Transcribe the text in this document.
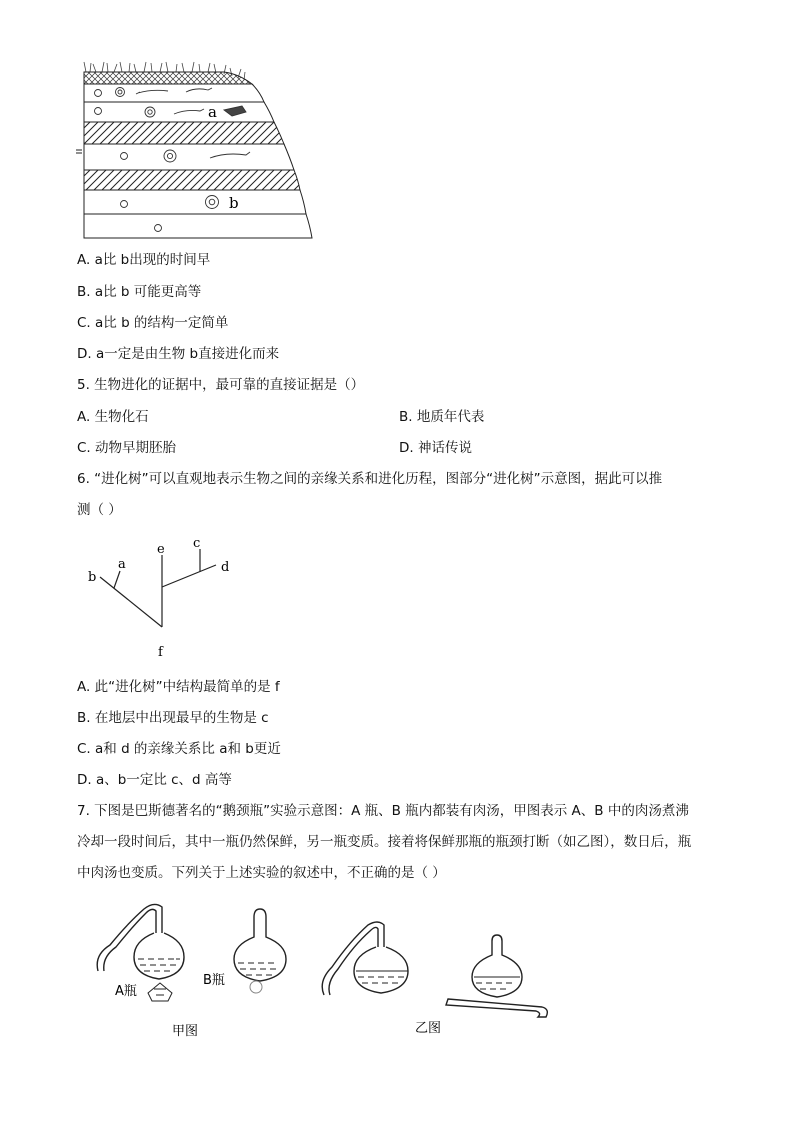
a
b
A. a比 b出现的时间早
B. a比 b 可能更高等
C. a比 b 的结构一定简单
D. a一定是由生物 b直接进化而来
5. 生物进化的证据中，最可靠的直接证据是（）
A. 生物化石	B. 地质年代表
C. 动物早期胚胎	D. 神话传说
6. “进化树”可以直观地表示生物之间的亲缘关系和进化历程，图部分“进化树”示意图，据此可以推
测（ ）
b
a
e c
d
f
A. 此“进化树”中结构最简单的是 f
B. 在地层中出现最早的生物是 c
C. a和 d 的亲缘关系比 a和 b更近
D. a、b一定比 c、d 高等
7. 下图是巴斯德著名的“鹅颈瓶”实验示意图：A 瓶、B 瓶内都装有肉汤，甲图表示 A、B 中的肉汤煮沸
冷却一段时间后，其中一瓶仍然保鲜，另一瓶变质。接着将保鲜那瓶的瓶颈打断（如乙图），数日后，瓶
中肉汤也变质。下列关于上述实验的叙述中，不正确的是（ ）
A瓶
B瓶
甲图	乙图
